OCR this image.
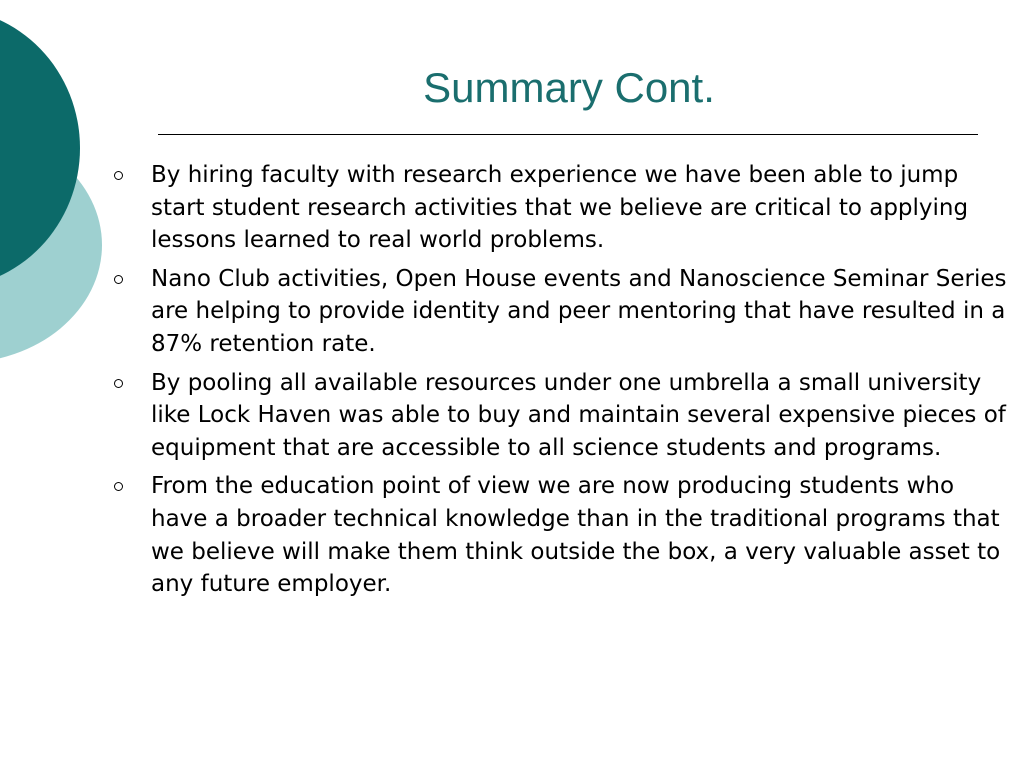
Summary Cont.
By hiring faculty with research experience we have been able to jump start student research activities that we believe are critical to applying lessons learned to real world problems.
Nano Club activities, Open House events and Nanoscience Seminar Series are helping to provide identity and peer mentoring that have resulted in a 87% retention rate.
By pooling all available resources under one umbrella a small university like Lock Haven was able to buy and maintain several expensive pieces of equipment that are accessible to all science students and programs.
From the education point of view we are now producing students who have a broader technical knowledge than in the traditional programs that we believe will make them think outside the box, a very valuable asset to any future employer.
